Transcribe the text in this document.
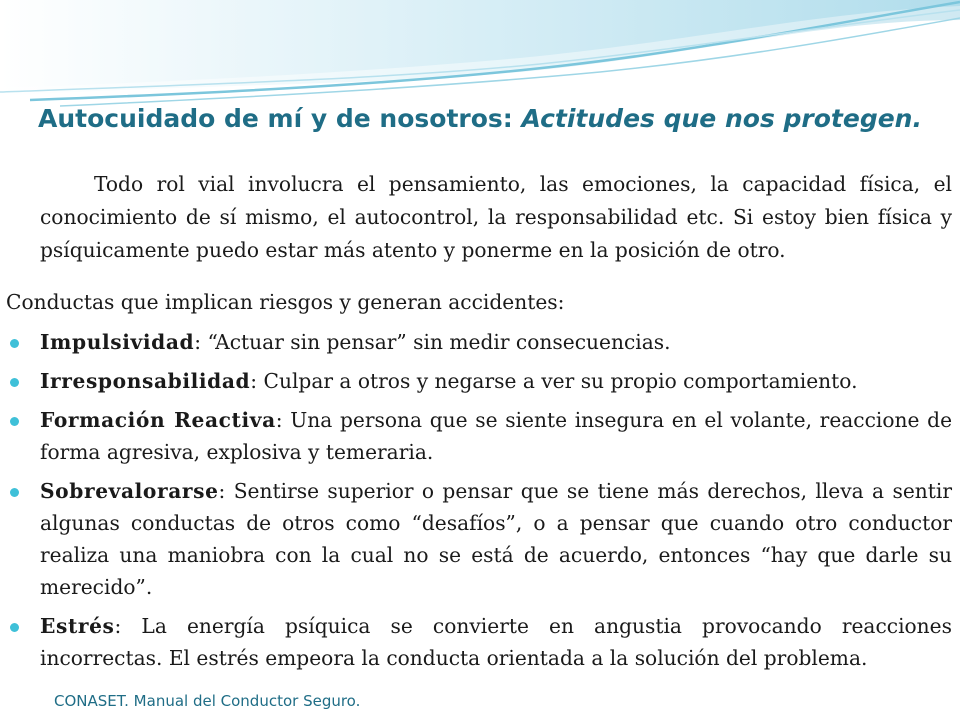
Autocuidado de mí y de nosotros: Actitudes que nos protegen.

Todo rol vial involucra el pensamiento, las emociones, la capacidad física, el conocimiento de sí mismo, el autocontrol, la responsabilidad etc. Si estoy bien física y psíquicamente puedo estar más atento y ponerme en la posición de otro.

Conductas que implican riesgos y generan accidentes:

Impulsividad: “Actuar sin pensar” sin medir consecuencias.
Irresponsabilidad: Culpar a otros y negarse a ver su propio comportamiento.
Formación Reactiva: Una persona que se siente insegura en el volante, reaccione de forma agresiva, explosiva y temeraria.
Sobrevalorarse: Sentirse superior o pensar que se tiene más derechos, lleva a sentir algunas conductas de otros como “desafíos”, o a pensar que cuando otro conductor realiza una maniobra con la cual no se está de acuerdo, entonces “hay que darle su merecido”.
Estrés: La energía psíquica se convierte en angustia provocando reacciones incorrectas. El estrés empeora la conducta orientada a la solución del problema.

CONASET. Manual del Conductor Seguro.
